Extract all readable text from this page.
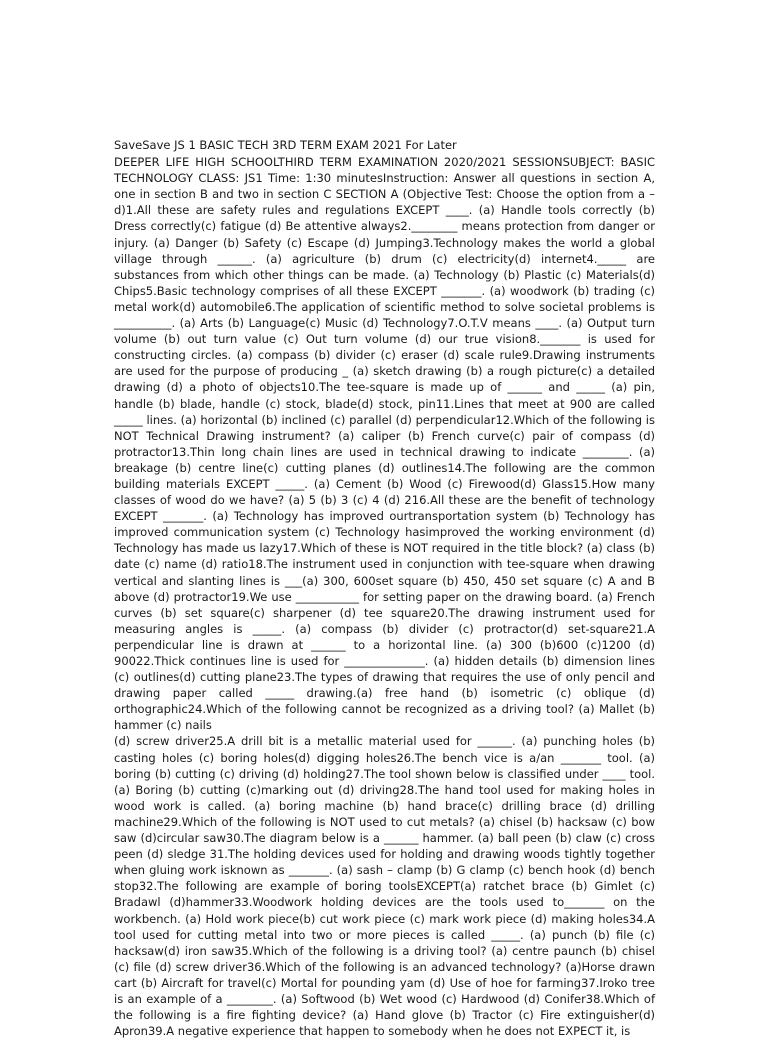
SaveSave JS 1 BASIC TECH 3RD TERM EXAM 2021 For Later

DEEPER LIFE HIGH SCHOOLTHIRD TERM EXAMINATION 2020/2021 SESSIONSUBJECT: BASIC TECHNOLOGY CLASS: JS1 Time: 1:30 minutesInstruction: Answer all questions in section A, one in section B and two in section C SECTION A (Objective Test: Choose the option from a –d)1.All these are safety rules and regulations EXCEPT ____. (a) Handle tools correctly (b) Dress correctly(c) fatigue (d) Be attentive always2.________ means protection from danger or injury. (a) Danger (b) Safety (c) Escape (d) Jumping3.Technology makes the world a global village through ______. (a) agriculture (b) drum (c) electricity(d) internet4._____ are substances from which other things can be made. (a) Technology (b) Plastic (c) Materials(d) Chips5.Basic technology comprises of all these EXCEPT _______. (a) woodwork (b) trading (c) metal work(d) automobile6.The application of scientific method to solve societal problems is __________. (a) Arts (b) Language(c) Music (d) Technology7.O.T.V means ____. (a) Output turn volume (b) out turn value (c) Out turn volume (d) our true vision8._______ is used for constructing circles. (a) compass (b) divider (c) eraser (d) scale rule9.Drawing instruments are used for the purpose of producing _ (a) sketch drawing (b) a rough picture(c) a detailed drawing (d) a photo of objects10.The tee-square is made up of ______ and _____ (a) pin, handle (b) blade, handle (c) stock, blade(d) stock, pin11.Lines that meet at 900 are called _____ lines. (a) horizontal (b) inclined (c) parallel (d) perpendicular12.Which of the following is NOT Technical Drawing instrument? (a) caliper (b) French curve(c) pair of compass (d) protractor13.Thin long chain lines are used in technical drawing to indicate ________. (a) breakage (b) centre line(c) cutting planes (d) outlines14.The following are the common building materials EXCEPT _____. (a) Cement (b) Wood (c) Firewood(d) Glass15.How many classes of wood do we have? (a) 5 (b) 3 (c) 4 (d) 216.All these are the benefit of technology EXCEPT _______. (a) Technology has improved ourtransportation system (b) Technology has improved communication system (c) Technology hasimproved the working environment (d) Technology has made us lazy17.Which of these is NOT required in the title block? (a) class (b) date (c) name (d) ratio18.The instrument used in conjunction with tee-square when drawing vertical and slanting lines is ___(a) 300, 600set square (b) 450, 450 set square (c) A and B above (d) protractor19.We use ___________ for setting paper on the drawing board. (a) French curves (b) set square(c) sharpener (d) tee square20.The drawing instrument used for measuring angles is _____. (a) compass (b) divider (c) protractor(d) set-square21.A perpendicular line is drawn at ______ to a horizontal line. (a) 300 (b)600 (c)1200 (d) 90022.Thick continues line is used for ______________. (a) hidden details (b) dimension lines (c) outlines(d) cutting plane23.The types of drawing that requires the use of only pencil and drawing paper called _____ drawing.(a) free hand (b) isometric (c) oblique (d) orthographic24.Which of the following cannot be recognized as a driving tool? (a) Mallet (b) hammer (c) nails

(d) screw driver25.A drill bit is a metallic material used for ______. (a) punching holes (b) casting holes (c) boring holes(d) digging holes26.The bench vice is a/an _______ tool. (a) boring (b) cutting (c) driving (d) holding27.The tool shown below is classified under ____ tool. (a) Boring (b) cutting (c)marking out (d) driving28.The hand tool used for making holes in wood work is called. (a) boring machine (b) hand brace(c) drilling brace (d) drilling machine29.Which of the following is NOT used to cut metals? (a) chisel (b) hacksaw (c) bow saw (d)circular saw30.The diagram below is a ______ hammer. (a) ball peen (b) claw (c) cross peen (d) sledge 31.The holding devices used for holding and drawing woods tightly together when gluing work isknown as _______. (a) sash – clamp (b) G clamp (c) bench hook (d) bench stop32.The following are example of boring toolsEXCEPT(a) ratchet brace (b) Gimlet (c) Bradawl (d)hammer33.Woodwork holding devices are the tools used to_______ on the workbench. (a) Hold work piece(b) cut work piece (c) mark work piece (d) making holes34.A tool used for cutting metal into two or more pieces is called _____. (a) punch (b) file (c) hacksaw(d) iron saw35.Which of the following is a driving tool? (a) centre paunch (b) chisel (c) file (d) screw driver36.Which of the following is an advanced technology? (a)Horse drawn cart (b) Aircraft for travel(c) Mortal for pounding yam (d) Use of hoe for farming37.Iroko tree is an example of a ________. (a) Softwood (b) Wet wood (c) Hardwood (d) Conifer38.Which of the following is a fire fighting device? (a) Hand glove (b) Tractor (c) Fire extinguisher(d) Apron39.A negative experience that happen to somebody when he does not EXPECT it, is
